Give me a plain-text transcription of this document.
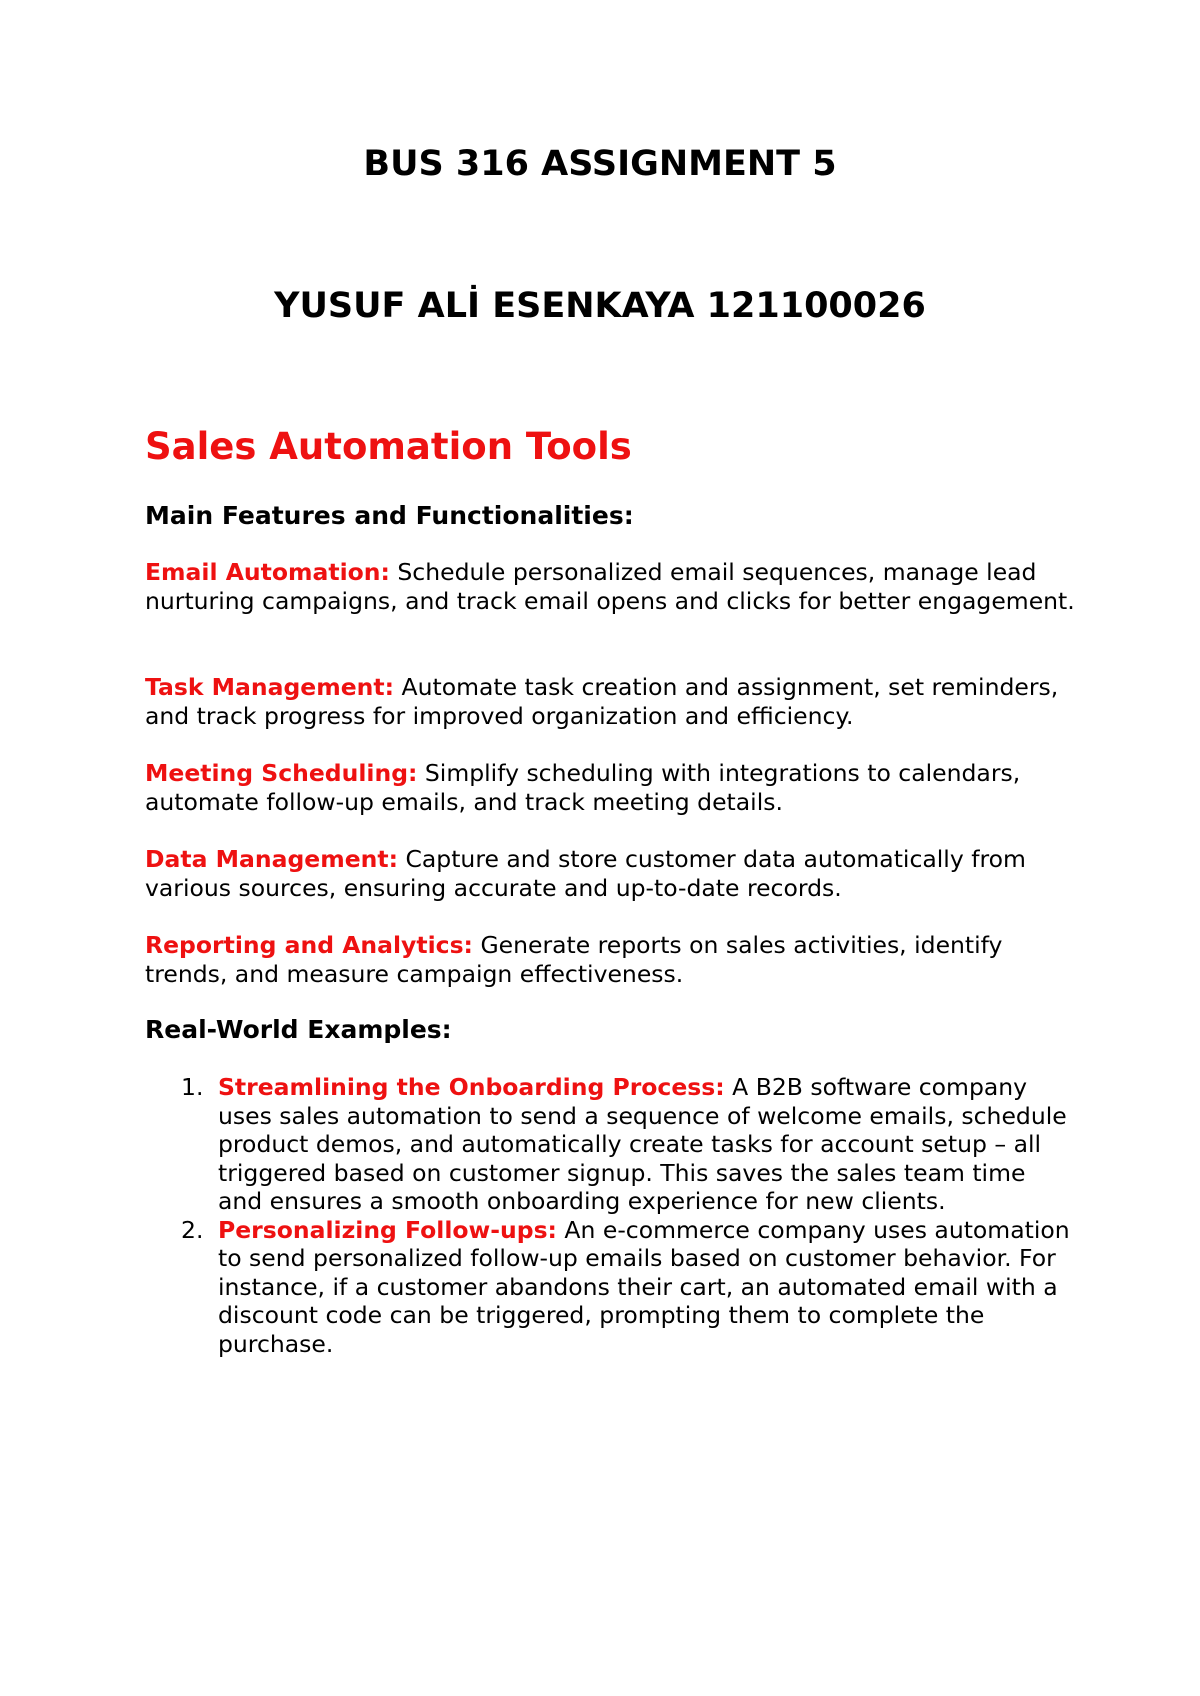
BUS 316 ASSIGNMENT 5
YUSUF ALİ ESENKAYA 121100026
Sales Automation Tools
Main Features and Functionalities:

Email Automation: Schedule personalized email sequences, manage lead nurturing campaigns, and track email opens and clicks for better engagement.

Task Management: Automate task creation and assignment, set reminders, and track progress for improved organization and efficiency.

Meeting Scheduling: Simplify scheduling with integrations to calendars, automate follow-up emails, and track meeting details.

Data Management: Capture and store customer data automatically from various sources, ensuring accurate and up-to-date records.

Reporting and Analytics: Generate reports on sales activities, identify trends, and measure campaign effectiveness.

Real-World Examples:
1. Streamlining the Onboarding Process: A B2B software company uses sales automation to send a sequence of welcome emails, schedule product demos, and automatically create tasks for account setup – all triggered based on customer signup. This saves the sales team time and ensures a smooth onboarding experience for new clients.
2. Personalizing Follow-ups: An e-commerce company uses automation to send personalized follow-up emails based on customer behavior. For instance, if a customer abandons their cart, an automated email with a discount code can be triggered, prompting them to complete the purchase.
